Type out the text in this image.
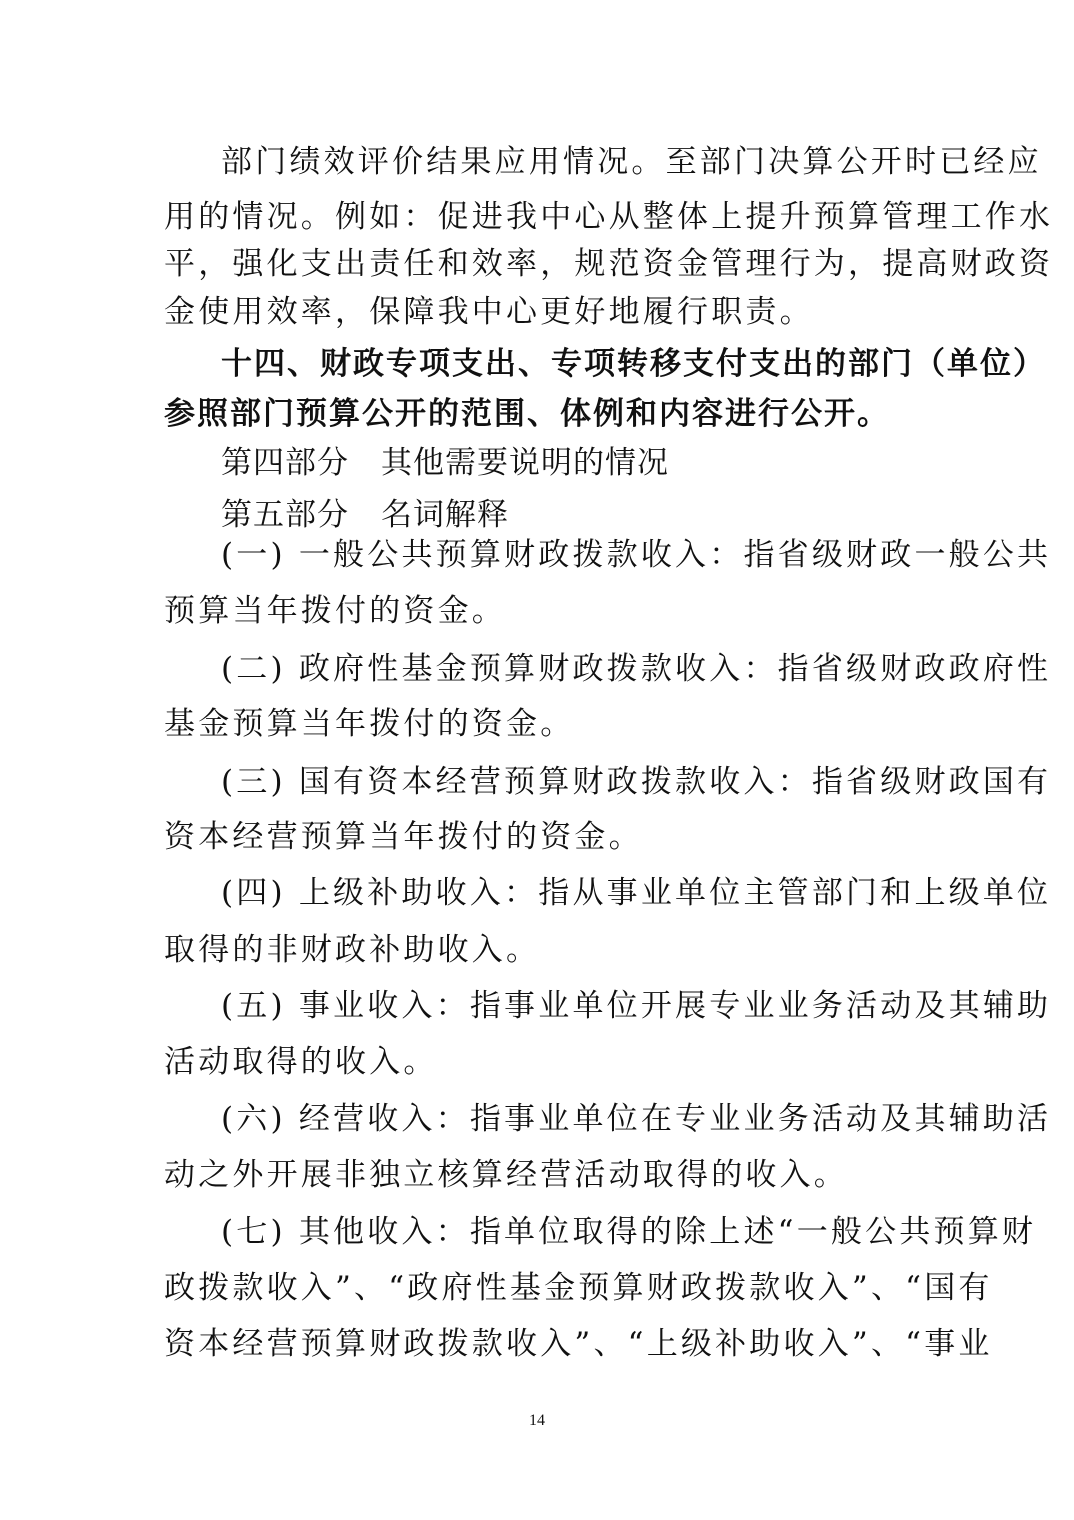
部门绩效评价结果应用情况。至部门决算公开时已经应
用的情况。例如：促进我中心从整体上提升预算管理工作水
平，强化支出责任和效率，规范资金管理行为，提高财政资
金使用效率，保障我中心更好地履行职责。
十四、财政专项支出、专项转移支付支出的部门（单位）
参照部门预算公开的范围、体例和内容进行公开。
第四部分　其他需要说明的情况
第五部分　名词解释
(一) 一般公共预算财政拨款收入：指省级财政一般公共
预算当年拨付的资金。
(二) 政府性基金预算财政拨款收入：指省级财政政府性
基金预算当年拨付的资金。
(三) 国有资本经营预算财政拨款收入：指省级财政国有
资本经营预算当年拨付的资金。
(四) 上级补助收入：指从事业单位主管部门和上级单位
取得的非财政补助收入。
(五) 事业收入：指事业单位开展专业业务活动及其辅助
活动取得的收入。
(六) 经营收入：指事业单位在专业业务活动及其辅助活
动之外开展非独立核算经营活动取得的收入。
(七) 其他收入：指单位取得的除上述“一般公共预算财
政拨款收入”、“政府性基金预算财政拨款收入”、“国有
资本经营预算财政拨款收入”、“上级补助收入”、“事业
14
